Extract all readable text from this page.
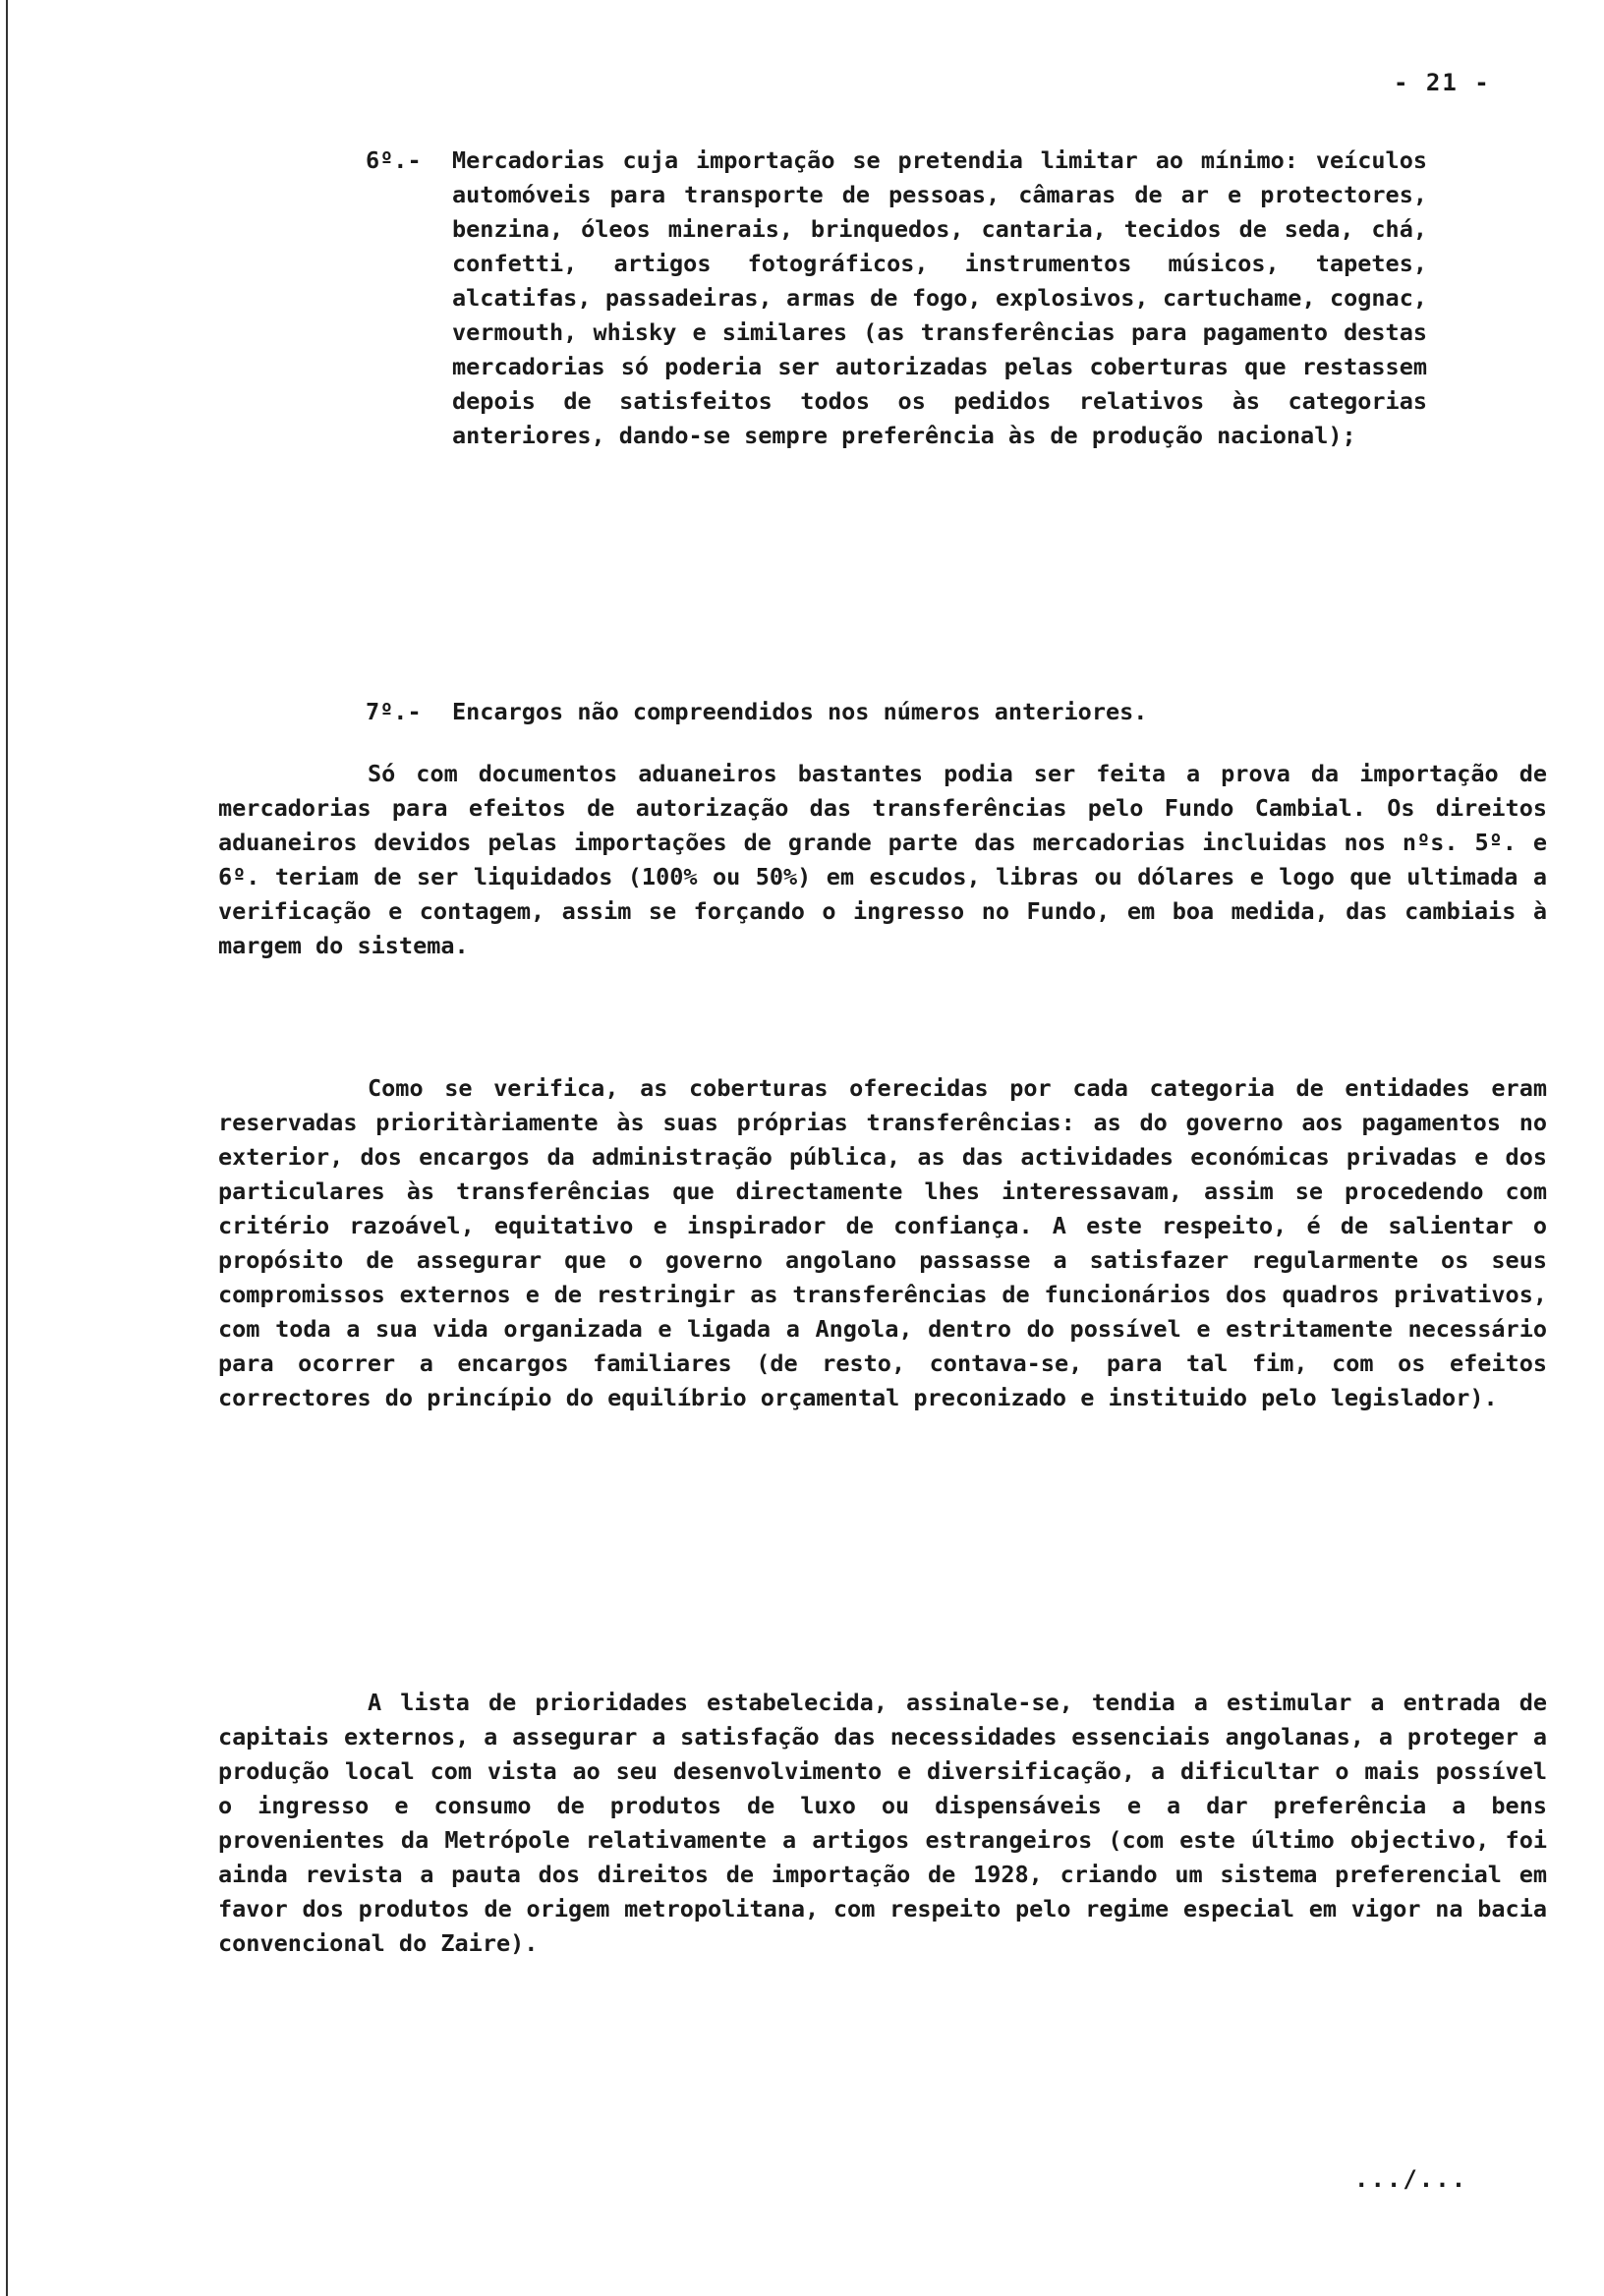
- 21 -
6º.- Mercadorias cuja importação se pretendia limitar ao mínimo: veículos automóveis para transporte de pessoas, câmaras de ar e protectores, benzina, óleos minerais, brinquedos, cantaria, tecidos de seda, chá, confetti, artigos fotográficos, instrumentos músicos, tapetes, alcatifas, passadeiras, armas de fogo, explosivos, cartuchame, cognac, vermouth, whisky e similares (as transferências para pagamento destas mercadorias só poderia ser autorizadas pelas coberturas que restassem depois de satisfeitos todos os pedidos relativos às categorias anteriores, dando-se sempre preferência às de produção nacional);
7º.- Encargos não compreendidos nos números anteriores.

Só com documentos aduaneiros bastantes podia ser feita a prova da importação de mercadorias para efeitos de autorização das transferências pelo Fundo Cambial. Os direitos aduaneiros devidos pelas importações de grande parte das mercadorias incluidas nos nºs. 5º. e 6º. teriam de ser liquidados (100% ou 50%) em escudos, libras ou dólares e logo que ultimada a verificação e contagem, assim se forçando o ingresso no Fundo, em boa medida, das cambiais à margem do sistema.

Como se verifica, as coberturas oferecidas por cada categoria de entidades eram reservadas prioritàriamente às suas próprias transferências: as do governo aos pagamentos no exterior, dos encargos da administração pública, as das actividades económicas privadas e dos particulares às transferências que directamente lhes interessavam, assim se procedendo com critério razoável, equitativo e inspirador de confiança. A este respeito, é de salientar o propósito de assegurar que o governo angolano passasse a satisfazer regularmente os seus compromissos externos e de restringir as transferências de funcionários dos quadros privativos, com toda a sua vida organizada e ligada a Angola, dentro do possível e estritamente necessário para ocorrer a encargos familiares (de resto, contava-se, para tal fim, com os efeitos correctores do princípio do equilíbrio orçamental preconizado e instituido pelo legislador).

A lista de prioridades estabelecida, assinale-se, tendia a estimular a entrada de capitais externos, a assegurar a satisfação das necessidades essenciais angolanas, a proteger a produção local com vista ao seu desenvolvimento e diversificação, a dificultar o mais possível o ingresso e consumo de produtos de luxo ou dispensáveis e a dar preferência a bens provenientes da Metrópole relativamente a artigos estrangeiros (com este último objectivo, foi ainda revista a pauta dos direitos de importação de 1928, criando um sistema preferencial em favor dos produtos de origem metropolitana, com respeito pelo regime especial em vigor na bacia convencional do Zaire).

.../...
